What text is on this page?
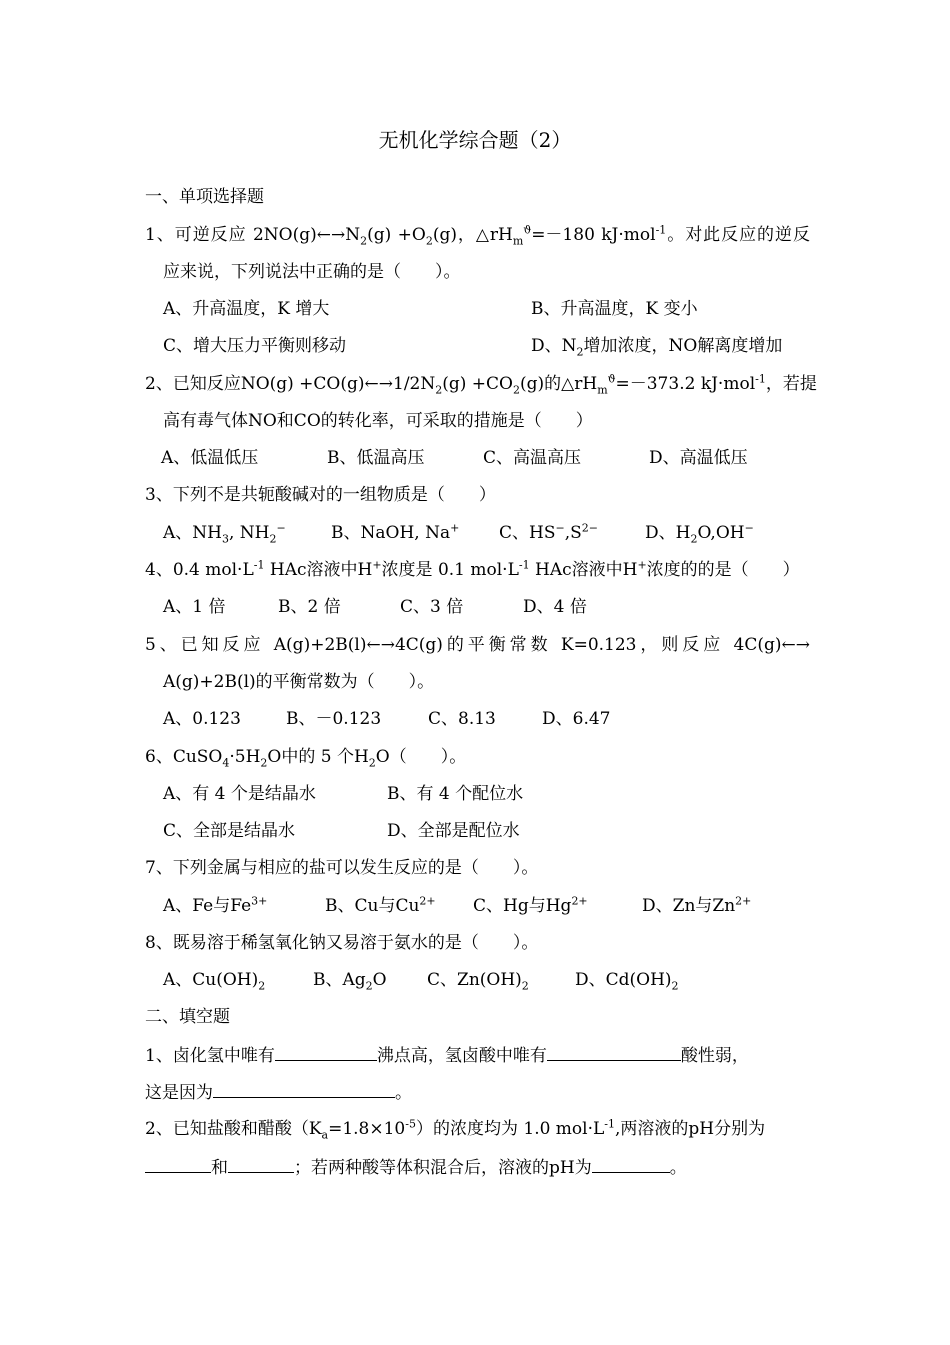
无机化学综合题（2）
一、单项选择题
1、可逆反应 $2NO(g)\leftarrow\to N_2(g) +O_2(g)$，$\triangle rH_m^ϑ=-180$ kJ·mol$^{-1}$。对此反应的逆反
应来说，下列说法中正确的是（　　）。
A、升高温度，K 增大	B、升高温度，K 变小
C、增大压力平衡则移动	D、$N_2$增加浓度，NO解离度增加
2、已知反应$NO(g) +CO(g)\leftarrow\to 1/2N_2(g) +CO_2(g)$的$\triangle rH_m^ϑ=-373.2$ kJ·mol$^{-1}$，若提
高有毒气体NO和CO的转化率，可采取的措施是（　　）
A、低温低压	B、低温高压	C、高温高压	D、高温低压
3、下列不是共轭酸碱对的一组物质是（　　）
A、$NH_3$, $NH_2^-$	B、NaOH, Na+ C、$HS^-,S^{2-}$	D、$H_2O,OH^-$
4、0.4 $mol\cdot L^{-1}$ HAc溶液中H+浓度是 0.1 $mol\cdot L^{-1}$ HAc溶液中H+浓度的的是（　　）
A、1 倍	B、2 倍	C、3 倍	D、4 倍
5、已知反应 A(g)+2B(l)←→4C(g)的平衡常数 K=0.123，则反应 4C(g)←→
A(g)+2B(l)的平衡常数为（　　）。
A、0.123	B、－0.123	C、8.13	D、6.47
6、$CuSO_4\cdot 5H_2O$中的 5 个$H_2O$（　　）。
A、有 4 个是结晶水	B、有 4 个配位水
C、全部是结晶水	D、全部是配位水
7、下列金属与相应的盐可以发生反应的是（　　）。
A、Fe与$Fe^{3+}$	B、Cu与$Cu^{2+}$ C、Hg与$Hg^{2+}$	D、Zn与$Zn^{2+}$
8、既易溶于稀氢氧化钠又易溶于氨水的是（　　）。
A、$Cu(OH)_2$	B、$Ag_2O$ C、$Zn(OH)_2$	D、$Cd(OH)_2$
二、填空题
1、卤化氢中唯有	沸点高，氢卤酸中唯有	酸性弱，
这是因为	。
2、已知盐酸和醋酸$(K_a=1.8\times 10^{-5})$的浓度均为 1.0 $mol\cdot L^{-1}$,两溶液的pH分别为
和	；若两种酸等体积混合后，溶液的pH为	。
